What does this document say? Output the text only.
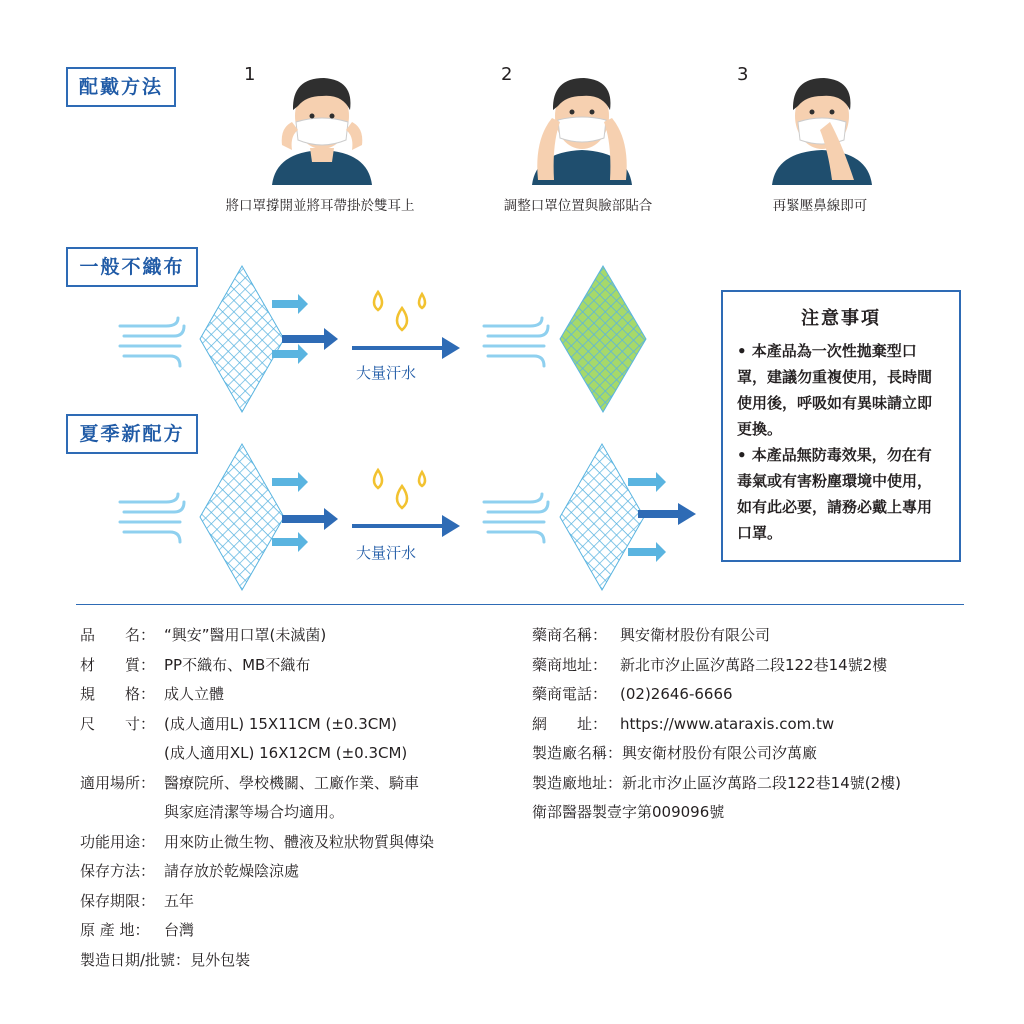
配戴方法
一般不織布
夏季新配方
1	2	3
將口罩撐開並將耳帶掛於雙耳上	調整口罩位置與臉部貼合	再緊壓鼻線即可
大量汗水
大量汗水
注意事項

• 本產品為一次性拋棄型口罩，建議勿重複使用，長時間使用後，呼吸如有異味請立即更換。

• 本產品無防毒效果，勿在有毒氣或有害粉塵環境中使用，如有此必要，請務必戴上專用口罩。

品　　名： “興安”醫用口罩(未滅菌)
材　　質： PP不織布、MB不織布
規　　格： 成人立體
尺　　寸： (成人適用L) 15X11CM (±0.3CM)
(成人適用XL) 16X12CM (±0.3CM)
適用場所： 醫療院所、學校機關、工廠作業、騎車
與家庭清潔等場合均適用。
功能用途： 用來防止微生物、體液及粒狀物質與傳染
保存方法： 請存放於乾燥陰涼處
保存期限： 五年
原 產 地： 台灣
製造日期/批號：見外包裝
藥商名稱： 興安衛材股份有限公司
藥商地址： 新北市汐止區汐萬路二段122巷14號2樓
藥商電話： (02)2646-6666
網　　址： https://www.ataraxis.com.tw
製造廠名稱：興安衛材股份有限公司汐萬廠
製造廠地址：新北市汐止區汐萬路二段122巷14號(2樓)
衛部醫器製壹字第009096號
